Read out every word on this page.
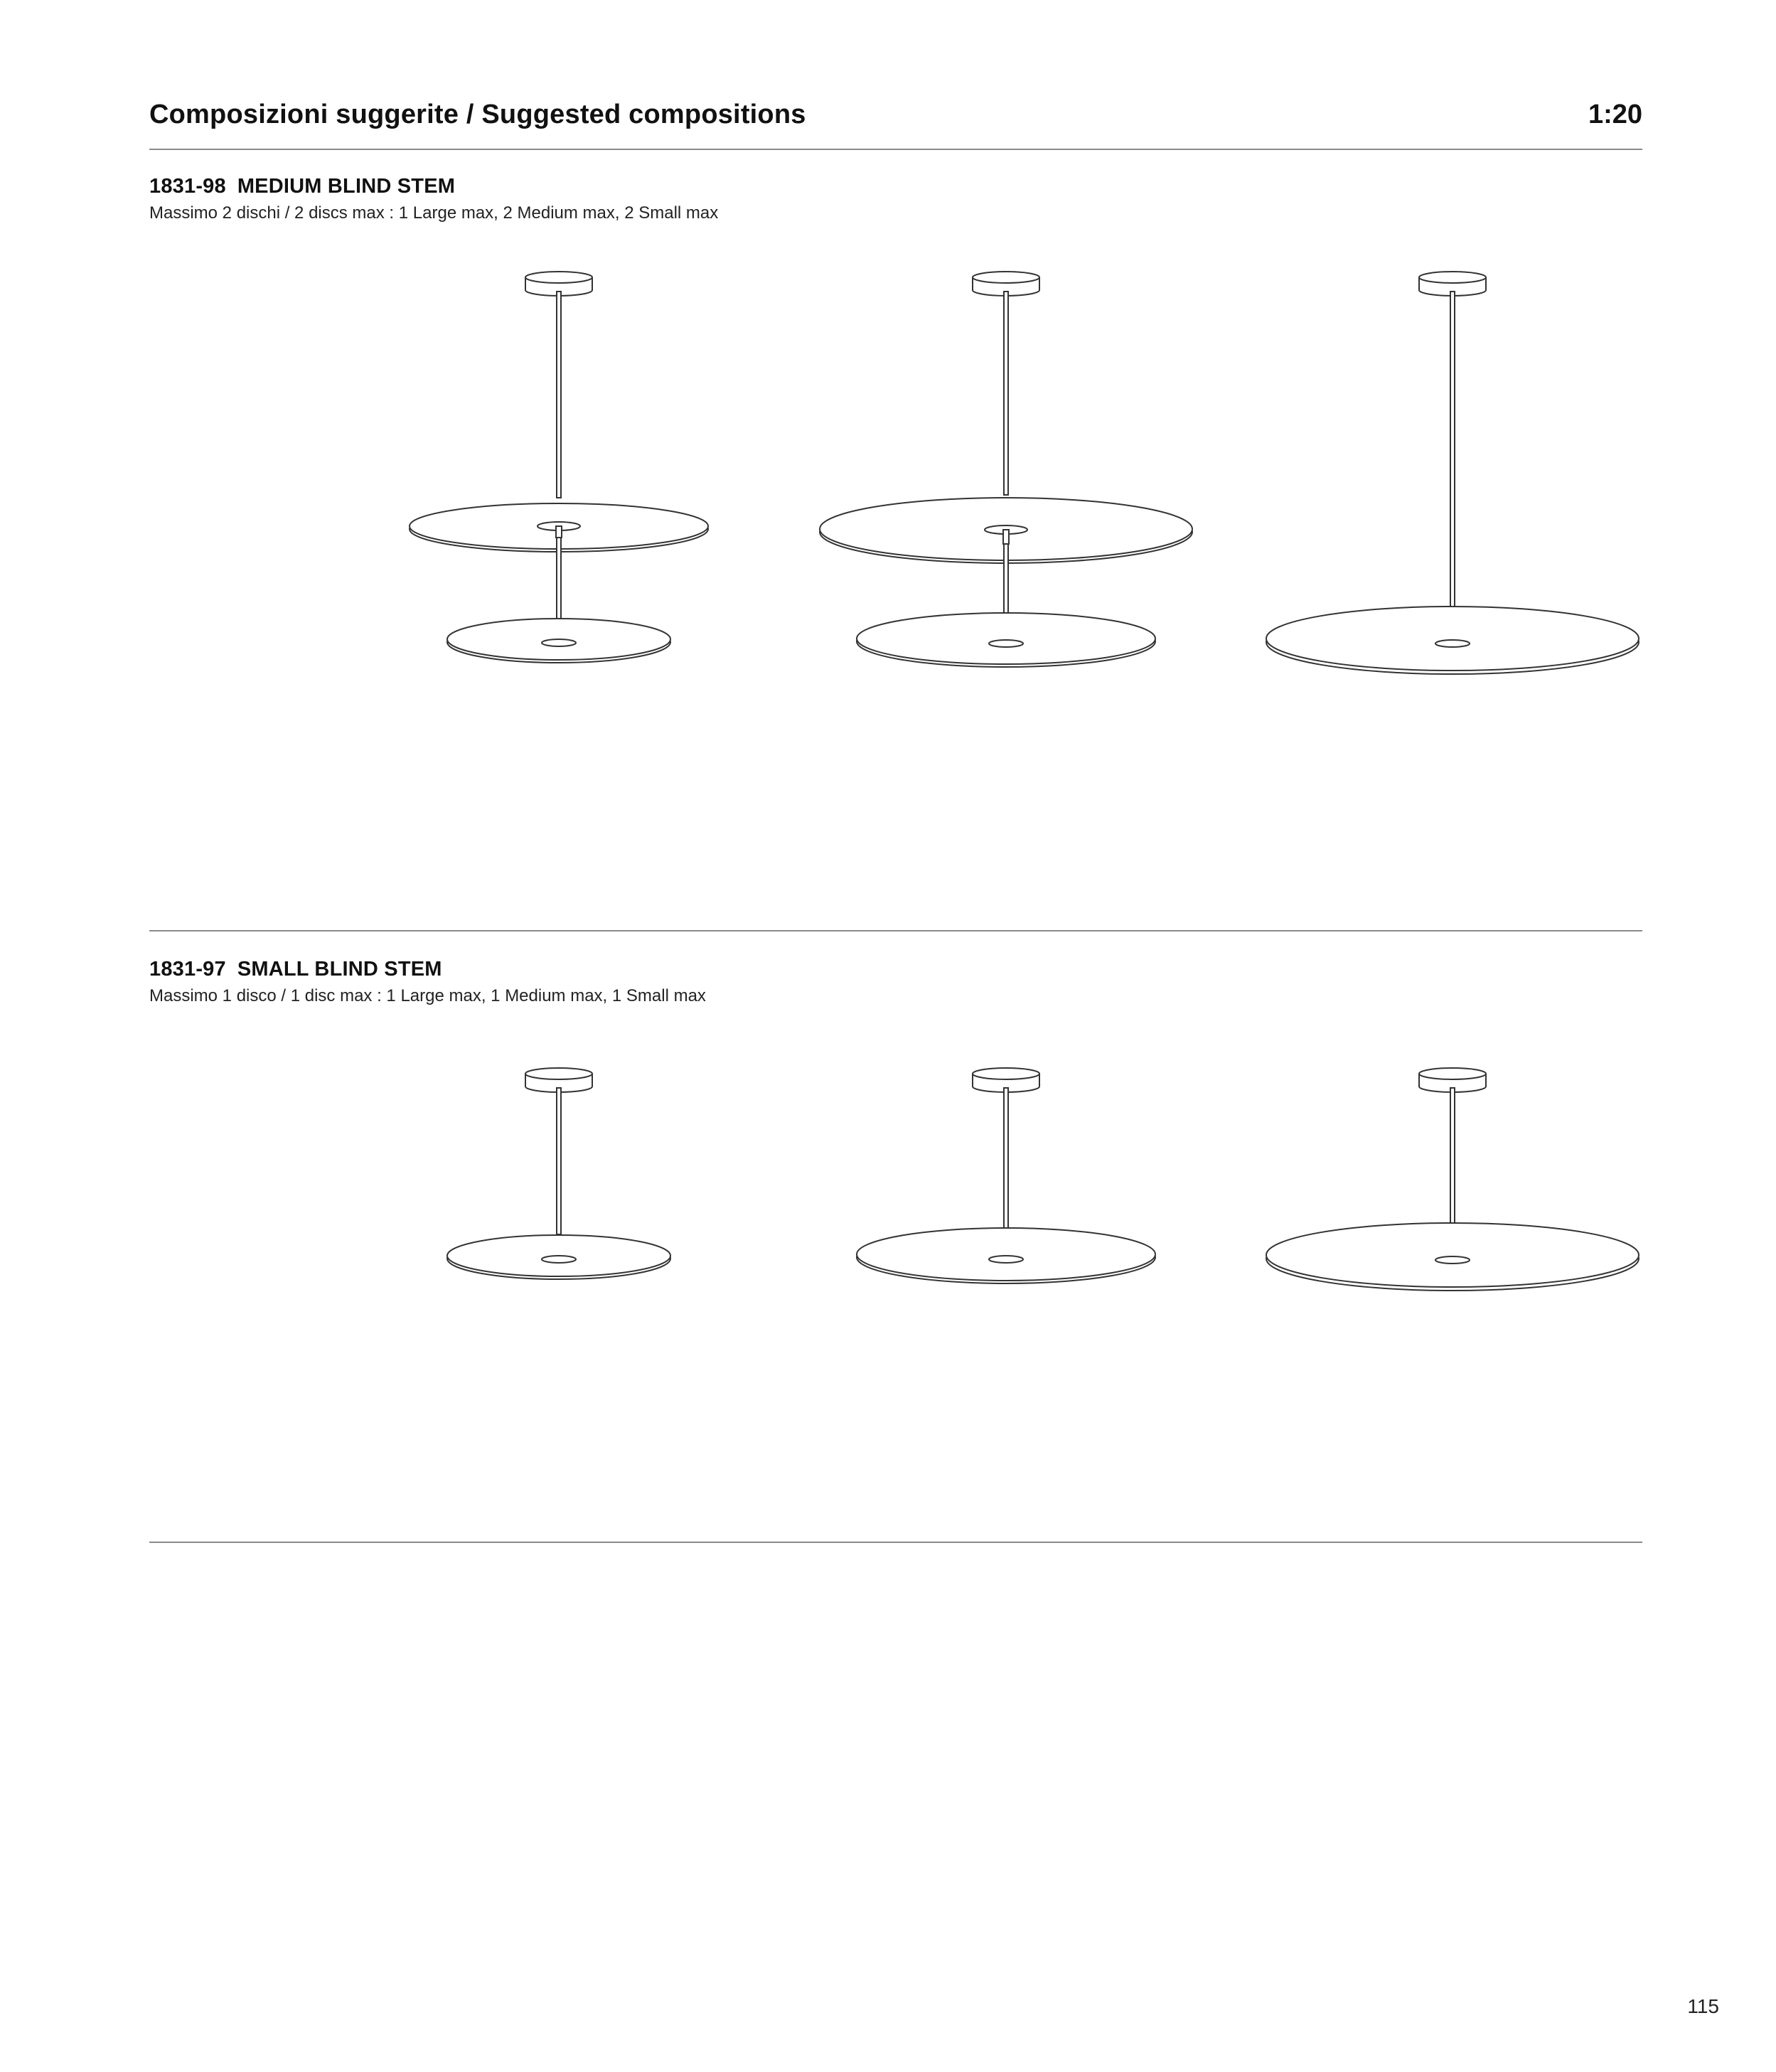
Composizioni suggerite / Suggested compositions	1:20
1831-98 MEDIUM BLIND STEM
Massimo 2 dischi / 2 discs max : 1 Large max, 2 Medium max, 2 Small max
1831-97 SMALL BLIND STEM
Massimo 1 disco / 1 disc max : 1 Large max, 1 Medium max, 1 Small max
115
